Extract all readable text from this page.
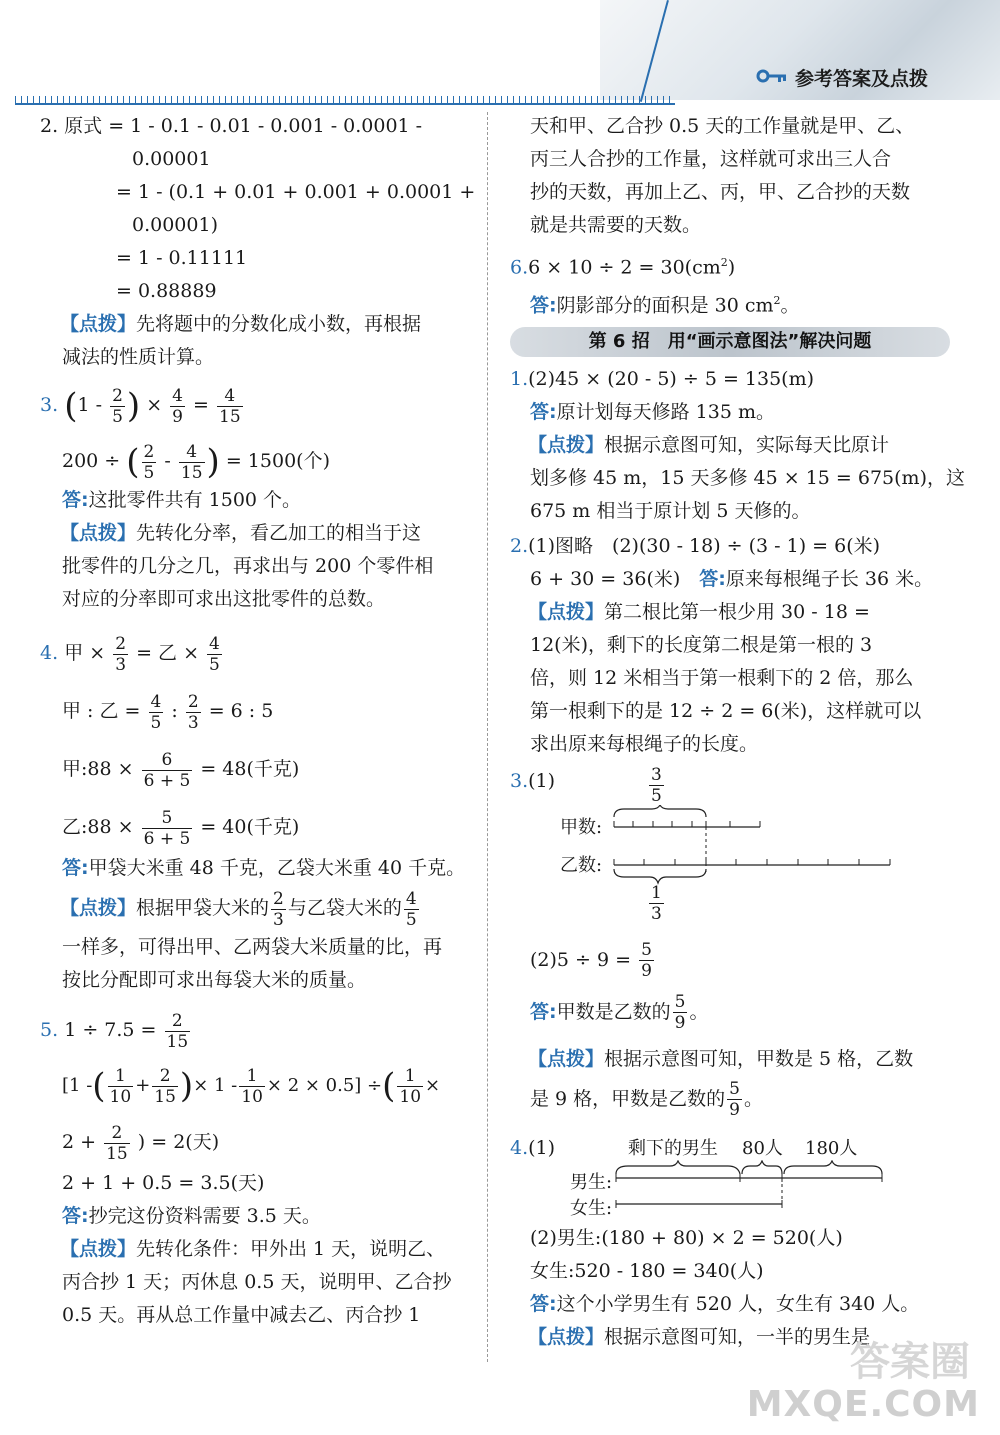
参考答案及点拨
2. 原式 = 1 - 0.1 - 0.01 - 0.001 - 0.0001 -
0.00001
= 1 - (0.1 + 0.01 + 0.001 + 0.0001 +
0.00001)
= 1 - 0.11111
= 0.88889
【点拨】先将题中的分数化成小数，再根据
减法的性质计算。
3. ($1 - \frac{2}{5}$ ) × $\frac{4}{9} = \frac{4}{15}$
200 ÷ ( $\frac{2}{5} - \frac{4}{15}$ ) = 1500(个)
答:这批零件共有 1500 个。
【点拨】先转化分率，看乙加工的相当于这
批零件的几分之几，再求出与 200 个零件相
对应的分率即可求出这批零件的总数。
4. 甲 × $\frac{2}{3}$ = 乙 × $\frac{4}{5}$
甲 : 乙 = $\frac{4}{5}$ : $\frac{2}{3} = 6$ : 5
甲:88 × $\frac{6}{6 + 5} = 48$(千克)
乙:88 × $\frac{5}{6 + 5} = 40$(千克)
答:甲袋大米重 48 千克，乙袋大米重 40 千克。
【点拨】根据甲袋大米的 $\frac{2}{3}$ 与乙袋大米的 $\frac{4}{5}$
一样多，可得出甲、乙两袋大米质量的比，再
按比分配即可求出每袋大米的质量。
5. $1 \div 7.5 = \frac{2}{15}$
[1 -( $\frac{1}{10} + \frac{2}{15}$ )× $1 - \frac{1}{10} \times 2 \times 0.5$] ÷( $\frac{1}{10}$ ×
$2 + \frac{2}{15}$ ) = 2(天)
2 + 1 + 0.5 = 3.5(天)
答:抄完这份资料需要 3.5 天。
【点拨】先转化条件：甲外出 1 天，说明乙、
丙合抄 1 天；丙休息 0.5 天，说明甲、乙合抄
0.5 天。再从总工作量中减去乙、丙合抄 1
天和甲、乙合抄 0.5 天的工作量就是甲、乙、
丙三人合抄的工作量，这样就可求出三人合
抄的天数，再加上乙、丙，甲、乙合抄的天数
就是共需要的天数。
$6.6 \times 10 \div 2 = 30(cm^2)$
答:阴影部分的面积是 30 $cm^2$。
第 6 招　用“画示意图法”解决问题
1.(2)45 × (20 - 5) ÷ 5 = 135(m)
答:原计划每天修路 135 m。
【点拨】根据示意图可知，实际每天比原计
划多修 45 m，15 天多修 45 × 15 = 675(m)，这
675 m 相当于原计划 5 天修的。
2.(1)图略　(2)(30 - 18) ÷ (3 - 1) = 6(米)
6 + 30 = 36(米)　 答:原来每根绳子长 36 米。
【点拨】第二根比第一根少用 30 - 18 =
12(米)，剩下的长度第二根是第一根的 3
倍，则 12 米相当于第一根剩下的 2 倍，那么
第一根剩下的是 12 ÷ 2 = 6(米)，这样就可以
求出原来每根绳子的长度。
3.(1)	$\frac{3}{5}$
甲数:
乙数:
$\frac{1}{3}$
$(2)5 \div 9 = \frac{5}{9}$
答:甲数是乙数的 $\frac{5}{9}$ 。
【点拨】根据示意图可知，甲数是 5 格，乙数
是 9 格，甲数是乙数的 $\frac{5}{9}$ 。
4.(1)	剩下的男生 80人 180人
男生:
女生:
(2)男生:(180 + 80) × 2 = 520(人)
女生:520 - 180 = 340(人)
答:这个小学男生有 520 人，女生有 340 人。
【点拨】根据示意图可知，一半的男生是
答案圈
MXQE.COM
